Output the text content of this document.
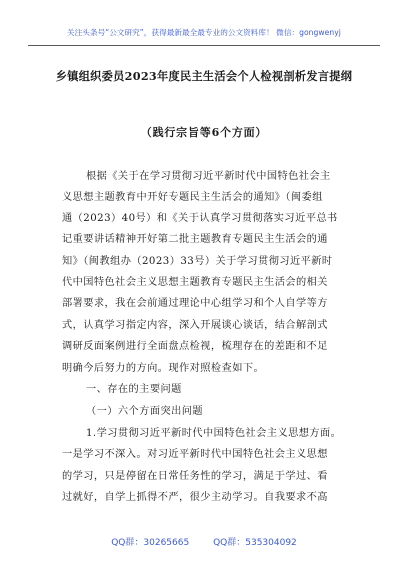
关注头条号“公文研究”，获得最新最全最专业的公文资料库！ 微信：gongwenyj
乡镇组织委员2023年度民主生活会个人检视剖析发言提纲
（践行宗旨等6个方面）
根据《关于在学习贯彻习近平新时代中国特色社会主
义思想主题教育中开好专题民主生活会的通知》（闽委组
通（2023）40号）和《关于认真学习贯彻落实习近平总书
记重要讲话精神开好第二批主题教育专题民主生活会的通
知》（闽教组办（2023）33号）关于学习贯彻习近平新时
代中国特色社会主义思想主题教育专题民主生活会的相关
部署要求，我在会前通过理论中心组学习和个人自学等方
式，认真学习指定内容，深入开展谈心谈话，结合解剖式
调研反面案例进行全面盘点检视，梳理存在的差距和不足
明确今后努力的方向。现作对照检查如下。
一、存在的主要问题
（一）六个方面突出问题
1.学习贯彻习近平新时代中国特色社会主义思想方面。
一是学习不深入。对习近平新时代中国特色社会主义思想
的学习，只是停留在日常任务性的学习，满足于学过、看
过就好，自学上抓得不严，很少主动学习。自我要求不高
QQ群：30265665	QQ群：535304092
